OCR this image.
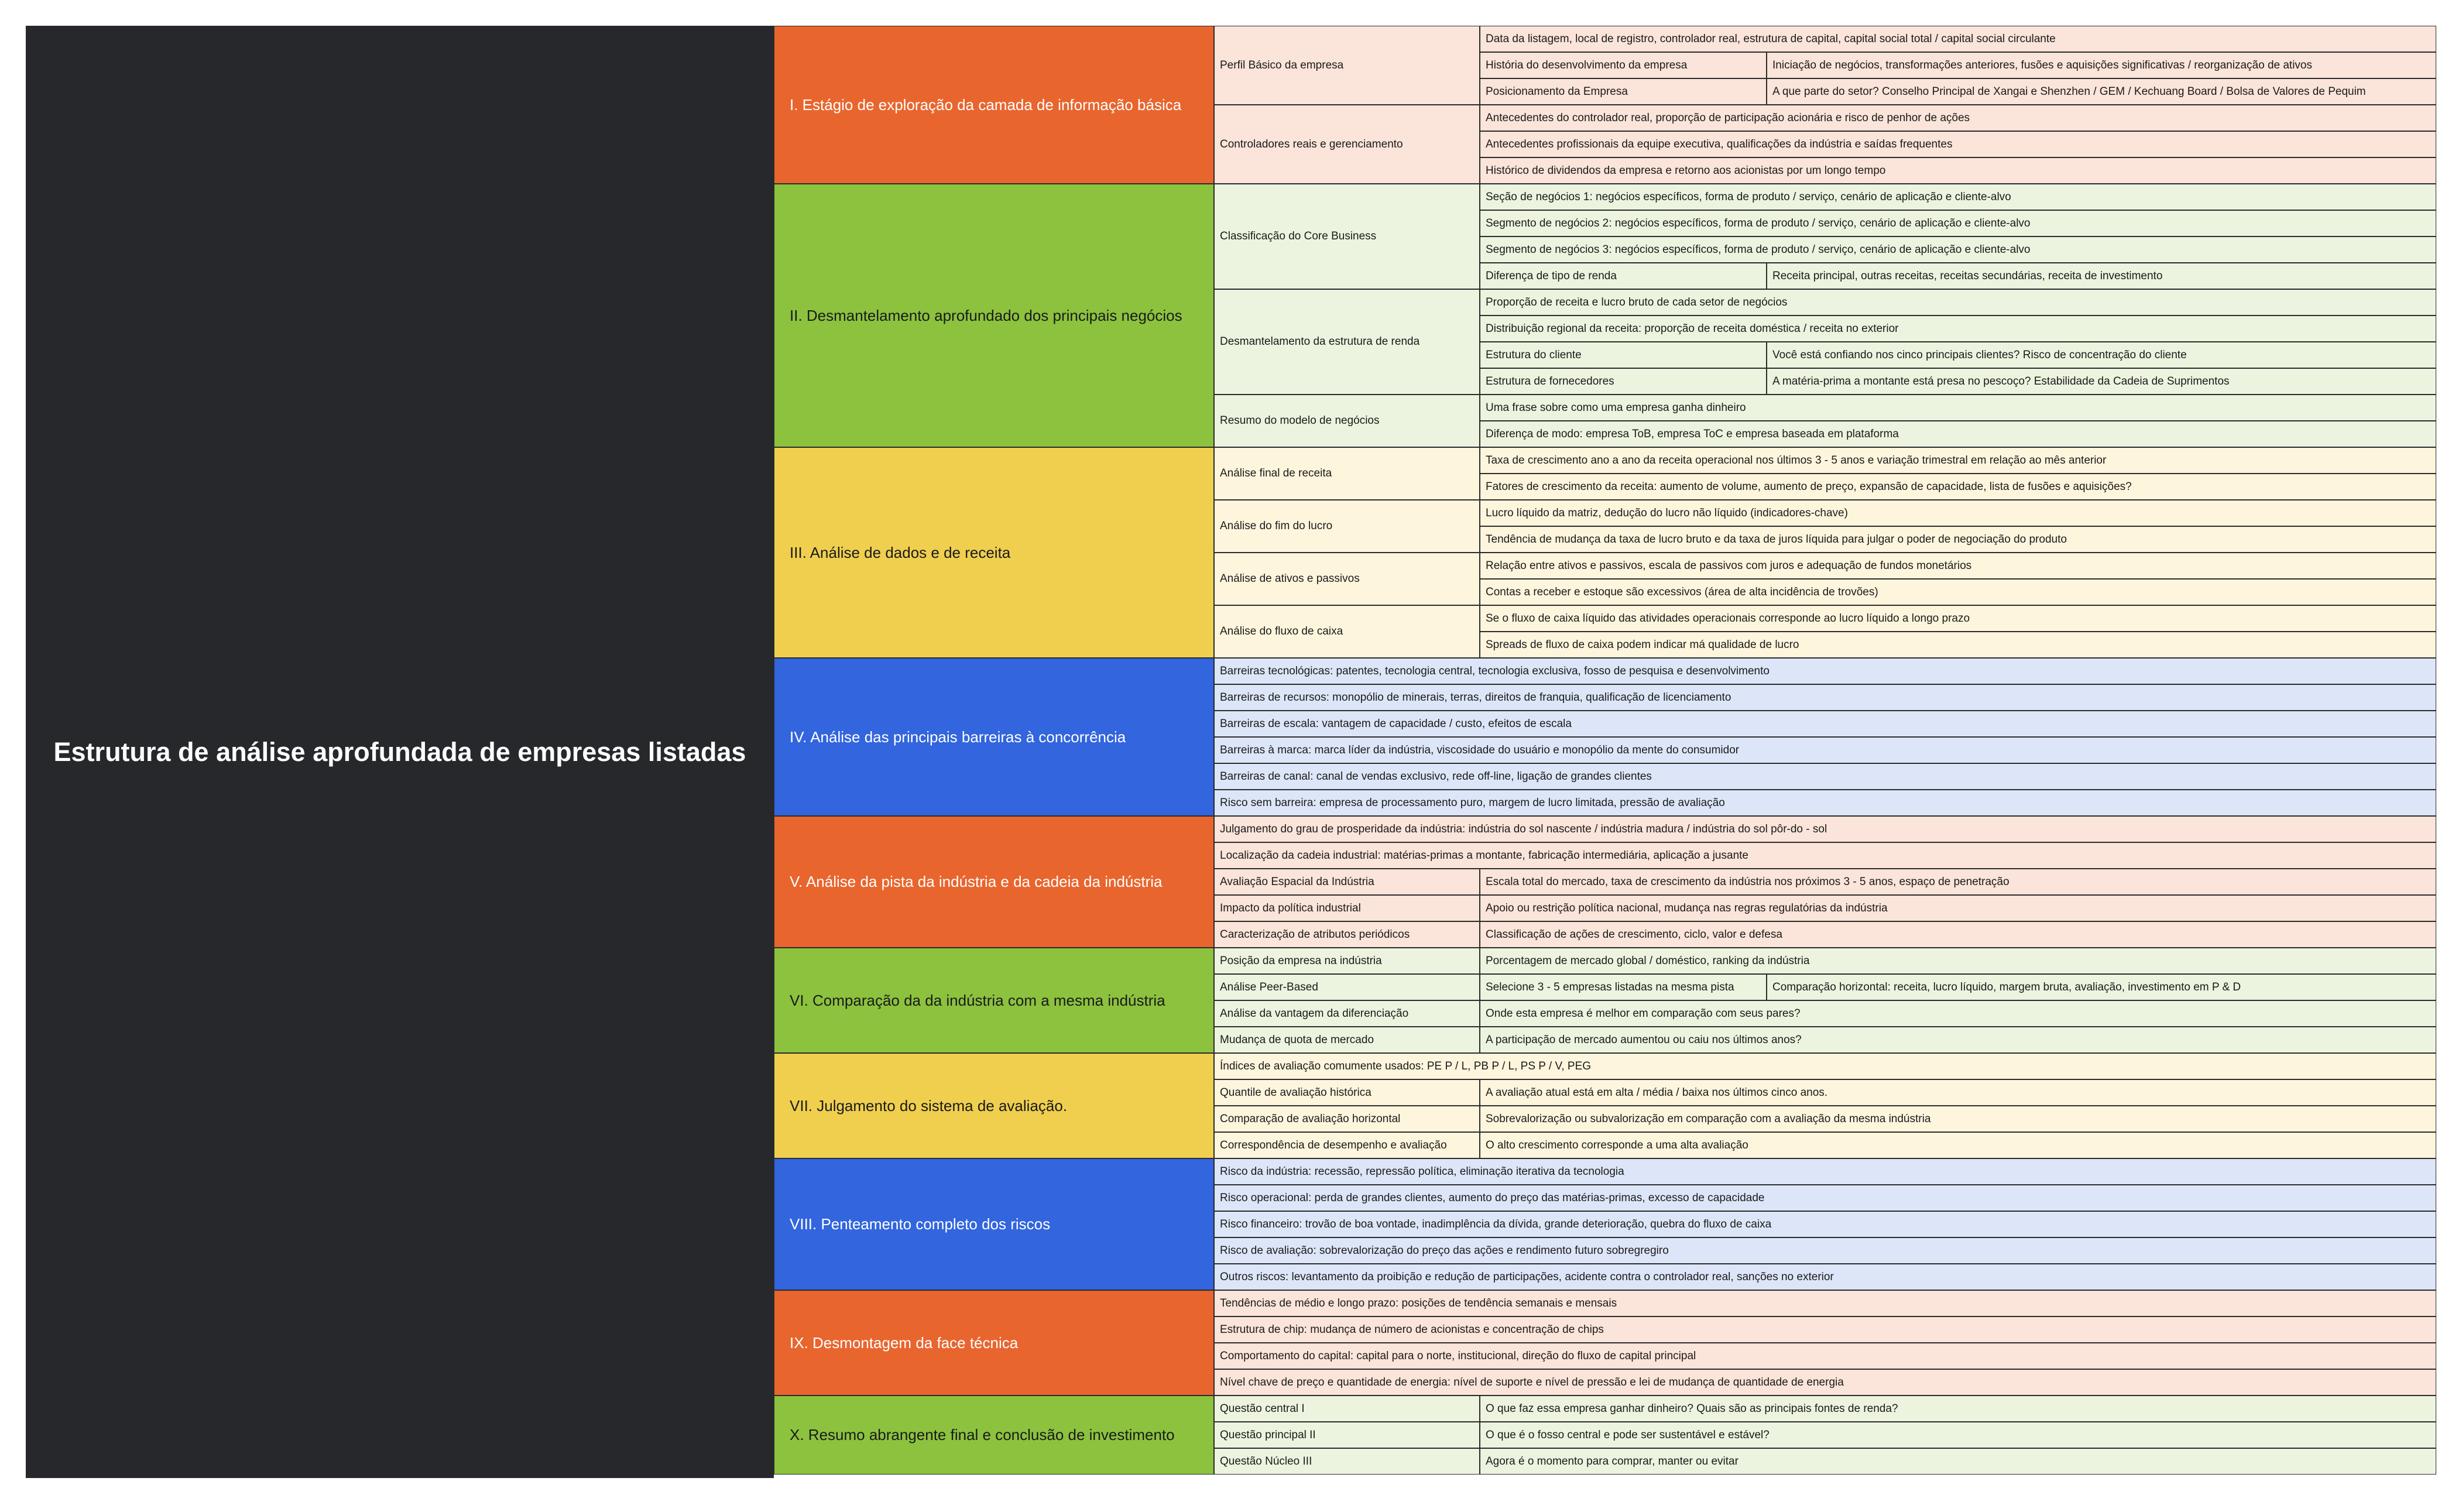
Estrutura de análise aprofundada de empresas listadas
I. Estágio de exploração da camada de informação básica
Perfil Básico da empresa
Data da listagem, local de registro, controlador real, estrutura de capital, capital social total / capital social circulante
História do desenvolvimento da empresa	Iniciação de negócios, transformações anteriores, fusões e aquisições significativas / reorganização de ativos
Posicionamento da Empresa	A que parte do setor? Conselho Principal de Xangai e Shenzhen / GEM / Kechuang Board / Bolsa de Valores de Pequim
Controladores reais e gerenciamento
Antecedentes do controlador real, proporção de participação acionária e risco de penhor de ações
Antecedentes profissionais da equipe executiva, qualificações da indústria e saídas frequentes
Histórico de dividendos da empresa e retorno aos acionistas por um longo tempo
II. Desmantelamento aprofundado dos principais negócios
Classificação do Core Business
Seção de negócios 1: negócios específicos, forma de produto / serviço, cenário de aplicação e cliente-alvo
Segmento de negócios 2: negócios específicos, forma de produto / serviço, cenário de aplicação e cliente-alvo
Segmento de negócios 3: negócios específicos, forma de produto / serviço, cenário de aplicação e cliente-alvo
Diferença de tipo de renda	Receita principal, outras receitas, receitas secundárias, receita de investimento
Desmantelamento da estrutura de renda
Proporção de receita e lucro bruto de cada setor de negócios
Distribuição regional da receita: proporção de receita doméstica / receita no exterior
Estrutura do cliente	Você está confiando nos cinco principais clientes? Risco de concentração do cliente
Estrutura de fornecedores	A matéria-prima a montante está presa no pescoço? Estabilidade da Cadeia de Suprimentos
Resumo do modelo de negócios
Uma frase sobre como uma empresa ganha dinheiro
Diferença de modo: empresa ToB, empresa ToC e empresa baseada em plataforma
III. Análise de dados e de receita
Análise final de receita
Taxa de crescimento ano a ano da receita operacional nos últimos 3 - 5 anos e variação trimestral em relação ao mês anterior
Fatores de crescimento da receita: aumento de volume, aumento de preço, expansão de capacidade, lista de fusões e aquisições?
Análise do fim do lucro
Lucro líquido da matriz, dedução do lucro não líquido (indicadores-chave)
Tendência de mudança da taxa de lucro bruto e da taxa de juros líquida para julgar o poder de negociação do produto
Análise de ativos e passivos
Relação entre ativos e passivos, escala de passivos com juros e adequação de fundos monetários
Contas a receber e estoque são excessivos (área de alta incidência de trovões)
Análise do fluxo de caixa
Se o fluxo de caixa líquido das atividades operacionais corresponde ao lucro líquido a longo prazo
Spreads de fluxo de caixa podem indicar má qualidade de lucro
IV. Análise das principais barreiras à concorrência
Barreiras tecnológicas: patentes, tecnologia central, tecnologia exclusiva, fosso de pesquisa e desenvolvimento
Barreiras de recursos: monopólio de minerais, terras, direitos de franquia, qualificação de licenciamento
Barreiras de escala: vantagem de capacidade / custo, efeitos de escala
Barreiras à marca: marca líder da indústria, viscosidade do usuário e monopólio da mente do consumidor
Barreiras de canal: canal de vendas exclusivo, rede off-line, ligação de grandes clientes
Risco sem barreira: empresa de processamento puro, margem de lucro limitada, pressão de avaliação
V. Análise da pista da indústria e da cadeia da indústria
Julgamento do grau de prosperidade da indústria: indústria do sol nascente / indústria madura / indústria do sol pôr-do - sol
Localização da cadeia industrial: matérias-primas a montante, fabricação intermediária, aplicação a jusante
Avaliação Espacial da Indústria	Escala total do mercado, taxa de crescimento da indústria nos próximos 3 - 5 anos, espaço de penetração
Impacto da política industrial	Apoio ou restrição política nacional, mudança nas regras regulatórias da indústria
Caracterização de atributos periódicos	Classificação de ações de crescimento, ciclo, valor e defesa
VI. Comparação da da indústria com a mesma indústria
Posição da empresa na indústria	Porcentagem de mercado global / doméstico, ranking da indústria
Análise Peer-Based	Selecione 3 - 5 empresas listadas na mesma pista	Comparação horizontal: receita, lucro líquido, margem bruta, avaliação, investimento em P & D
Análise da vantagem da diferenciação	Onde esta empresa é melhor em comparação com seus pares?
Mudança de quota de mercado	A participação de mercado aumentou ou caiu nos últimos anos?
VII. Julgamento do sistema de avaliação.
Índices de avaliação comumente usados: PE P / L, PB P / L, PS P / V, PEG
Quantile de avaliação histórica	A avaliação atual está em alta / média / baixa nos últimos cinco anos.
Comparação de avaliação horizontal	Sobrevalorização ou subvalorização em comparação com a avaliação da mesma indústria
Correspondência de desempenho e avaliação	O alto crescimento corresponde a uma alta avaliação
VIII. Penteamento completo dos riscos
Risco da indústria: recessão, repressão política, eliminação iterativa da tecnologia
Risco operacional: perda de grandes clientes, aumento do preço das matérias-primas, excesso de capacidade
Risco financeiro: trovão de boa vontade, inadimplência da dívida, grande deterioração, quebra do fluxo de caixa
Risco de avaliação: sobrevalorização do preço das ações e rendimento futuro sobregregiro
Outros riscos: levantamento da proibição e redução de participações, acidente contra o controlador real, sanções no exterior
IX. Desmontagem da face técnica
Tendências de médio e longo prazo: posições de tendência semanais e mensais
Estrutura de chip: mudança de número de acionistas e concentração de chips
Comportamento do capital: capital para o norte, institucional, direção do fluxo de capital principal
Nível chave de preço e quantidade de energia: nível de suporte e nível de pressão e lei de mudança de quantidade de energia
X. Resumo abrangente final e conclusão de investimento
Questão central I	O que faz essa empresa ganhar dinheiro? Quais são as principais fontes de renda?
Questão principal II	O que é o fosso central e pode ser sustentável e estável?
Questão Núcleo III	Agora é o momento para comprar, manter ou evitar
